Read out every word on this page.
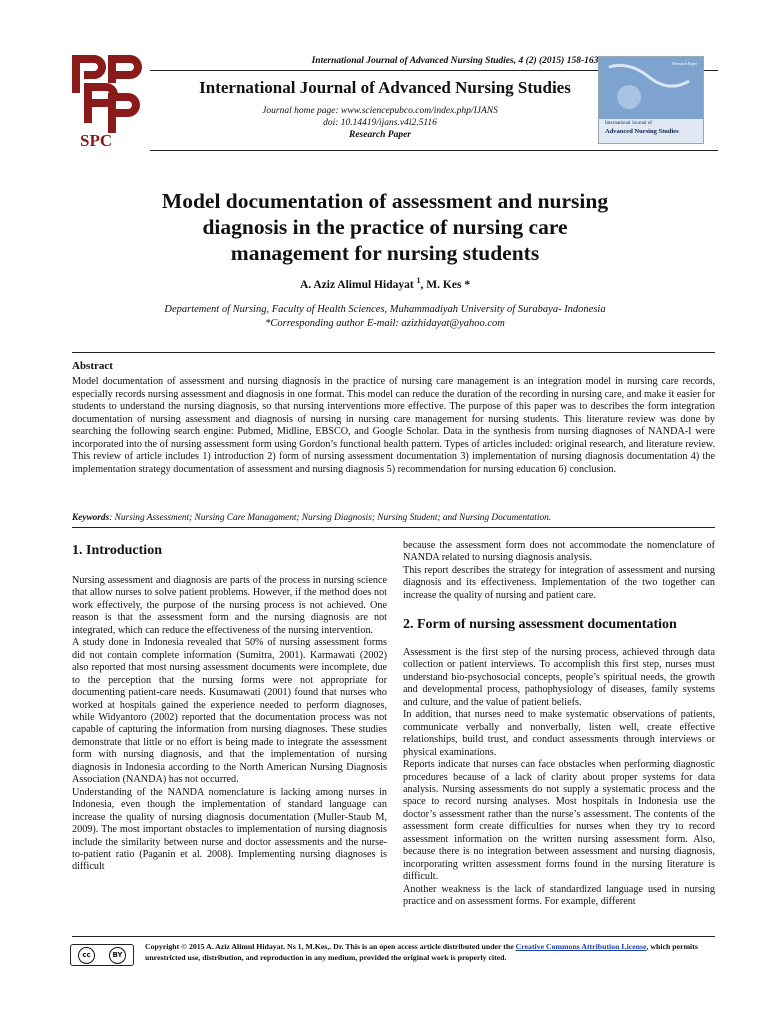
International Journal of Advanced Nursing Studies, 4 (2) (2015) 158-163
SPC
International Journal of Advanced Nursing Studies
Journal home page: www.sciencepubco.com/index.php/IJANS
doi: 10.14419/ijans.v4i2.5116
Research Paper
Research Paper
International Journal of
Advanced Nursing Studies
Model documentation of assessment and nursing
diagnosis in the practice of nursing care
management for nursing students
A. Aziz Alimul Hidayat $^1$, M. Kes *
Departement of Nursing, Faculty of Health Sciences, Muhammadiyah University of Surabaya- Indonesia
*Corresponding author E-mail: azizhidayat@yahoo.com
Abstract
Model documentation of assessment and nursing diagnosis in the practice of nursing care management is an integration model in nursing care records, especially records nursing assessment and diagnosis in one format. This model can reduce the duration of the recording in nursing care, and make it easier for students to understand the nursing diagnosis, so that nursing interventions more effective. The purpose of this paper was to describes the form integration documentation of nursing assessment and diagnosis of nursing in nursing care management for nursing students. This literature review was done by searching the following search engine: Pubmed, Midline, EBSCO, and Google Scholar. Data in the synthesis from nursing diagnoses of NANDA-I were incorporated into the of nursing assessment form using Gordon’s functional health pattern. Types of articles included: original research, and literature review. This review of article includes 1) introduction 2) form of nursing assessment documentation 3) implementation of nursing diagnosis documentation 4) the implementation strategy documentation of assessment and nursing diagnosis 5) recommendation for nursing education 6) conclusion.
Keywords: Nursing Assessment; Nursing Care Managament; Nursing Diagnosis; Nursing Student; and Nursing Documentation.
1. Introduction

Nursing assessment and diagnosis are parts of the process in nursing science that allow nurses to solve patient problems. However, if the method does not work effectively, the purpose of the nursing process is not achieved. One reason is that the assessment form and the nursing diagnosis are not integrated, which can reduce the effectiveness of the nursing intervention.

A study done in Indonesia revealed that 50% of nursing assessment forms did not contain complete information (Sumitra, 2001). Karmawati (2002) also reported that most nursing assessment documents were incomplete, due to the perception that the nursing forms were not appropriate for documenting patient-care needs. Kusumawati (2001) found that nurses who worked at hospitals gained the experience needed to perform diagnoses, while Widyantoro (2002) reported that the documentation process was not capable of capturing the information from nursing diagnoses. These studies demonstrate that little or no effort is being made to integrate the assessment form with nursing diagnosis, and that the implementation of nursing diagnosis in Indonesia according to the North American Nursing Diagnosis Association (NANDA) has not occurred.

Understanding of the NANDA nomenclature is lacking among nurses in Indonesia, even though the implementation of standard language can increase the quality of nursing diagnosis documentation (Muller-Staub M, 2009). The most important obstacles to implementation of nursing diagnosis include the similarity between nurse and doctor assessments and the nurse-to-patient ratio (Paganin et al. 2008). Implementing nursing diagnoses is difficult

because the assessment form does not accommodate the nomenclature of NANDA related to nursing diagnosis analysis.

This report describes the strategy for integration of assessment and nursing diagnosis and its effectiveness. Implementation of the two together can increase the quality of nursing and patient care.

2. Form of nursing assessment documentation

Assessment is the first step of the nursing process, achieved through data collection or patient interviews. To accomplish this first step, nurses must understand bio-psychosocial concepts, people’s spiritual needs, the growth and developmental process, pathophysiology of diseases, family systems and culture, and the value of patient beliefs.

In addition, that nurses need to make systematic observations of patients, communicate verbally and nonverbally, listen well, create effective relationships, build trust, and conduct assessments through interviews or physical examinations.

Reports indicate that nurses can face obstacles when performing diagnostic procedures because of a lack of clarity about proper systems for data analysis. Nursing assessments do not supply a systematic process and the space to record nursing analyses. Most hospitals in Indonesia use the doctor’s assessment rather than the nurse’s assessment. The contents of the assessment form create difficulties for nurses when they try to record assessment information on the written nursing assessment form. Also, because there is no integration between assessment and nursing diagnosis, incorporating written assessment forms found in the nursing literature is difficult.

Another weakness is the lack of standardized language used in nursing practice and on assessment forms. For example, different

cc	BY
Copyright © 2015 A. Aziz Alimul Hidayat. Ns 1, M.Kes,. Dr. This is an open access article distributed under the Creative Commons Attribution License, which permits unrestricted use, distribution, and reproduction in any medium, provided the original work is properly cited.
